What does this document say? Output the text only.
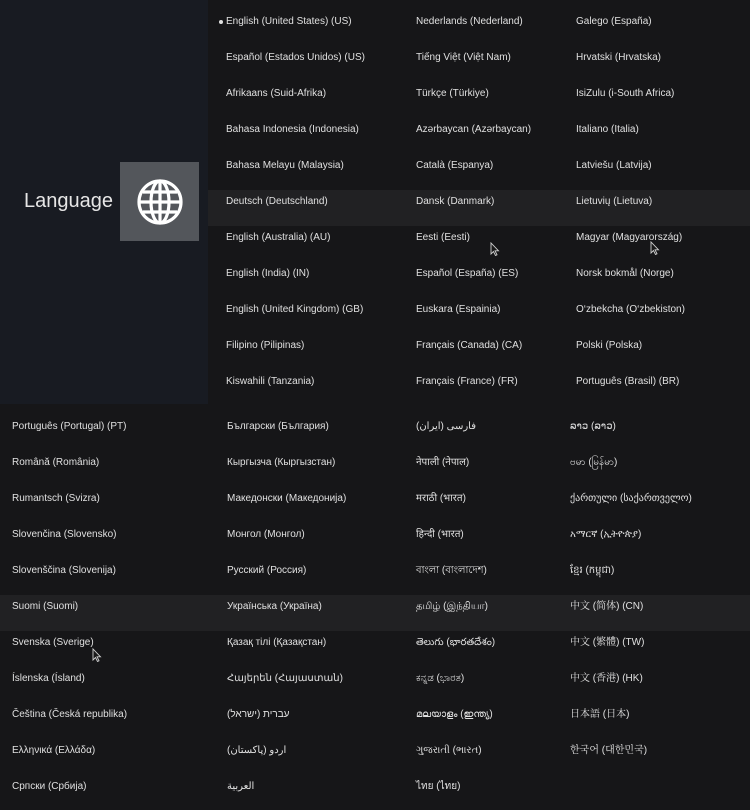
Language
English (United States) (US)	Nederlands (Nederland)	Galego (España)
Español (Estados Unidos) (US)	Tiếng Việt (Việt Nam)	Hrvatski (Hrvatska)
Afrikaans (Suid-Afrika)	Türkçe (Türkiye)	IsiZulu (i-South Africa)
Bahasa Indonesia (Indonesia)	Azərbaycan (Azərbaycan)	Italiano (Italia)
Bahasa Melayu (Malaysia)	Català (Espanya)	Latviešu (Latvija)
Deutsch (Deutschland)	Dansk (Danmark)	Lietuvių (Lietuva)
English (Australia) (AU)	Eesti (Eesti)	Magyar (Magyarország)
English (India) (IN)	Español (España) (ES)	Norsk bokmål (Norge)
English (United Kingdom) (GB)	Euskara (Espainia)	O‘zbekcha (O‘zbekiston)
Filipino (Pilipinas)	Français (Canada) (CA)	Polski (Polska)
Kiswahili (Tanzania)	Français (France) (FR)	Português (Brasil) (BR)
Português (Portugal) (PT)	Български (България)	فارسی (ایران)	ລາວ (ລາວ)
Română (România)	Кыргызча (Кыргызстан)	नेपाली (नेपाल)	ဗမာ (မြန်မာ)
Rumantsch (Svizra)	Македонски (Македонија)	मराठी (भारत)	ქართული (საქართველო)
Slovenčina (Slovensko)	Монгол (Монгол)	हिन्दी (भारत)	አማርኛ (ኢትዮጵያ)
Slovenščina (Slovenija)	Русский (Россия)	বাংলা (বাংলাদেশ)	ខ្មែរ (កម្ពុជា)
Suomi (Suomi)	Українська (Україна)	தமிழ் (இந்தியா)	中文 (简体) (CN)
Svenska (Sverige)	Қазақ тілі (Қазақстан)	తెలుగు (భారతదేశం)	中文 (繁體) (TW)
Íslenska (Ísland)	Հայերեն (Հայաստան)	ಕನ್ನಡ (ಭಾರತ)	中文 (香港) (HK)
Čeština (Česká republika)	עברית (ישראל)	മലയാളം (ഇന്ത്യ)	日本語 (日本)
Ελληνικά (Ελλάδα)	اردو (پاکستان)	ગુજરાતી (ભારત)	한국어 (대한민국)
Српски (Србија)	العربية	ไทย (ไทย)
